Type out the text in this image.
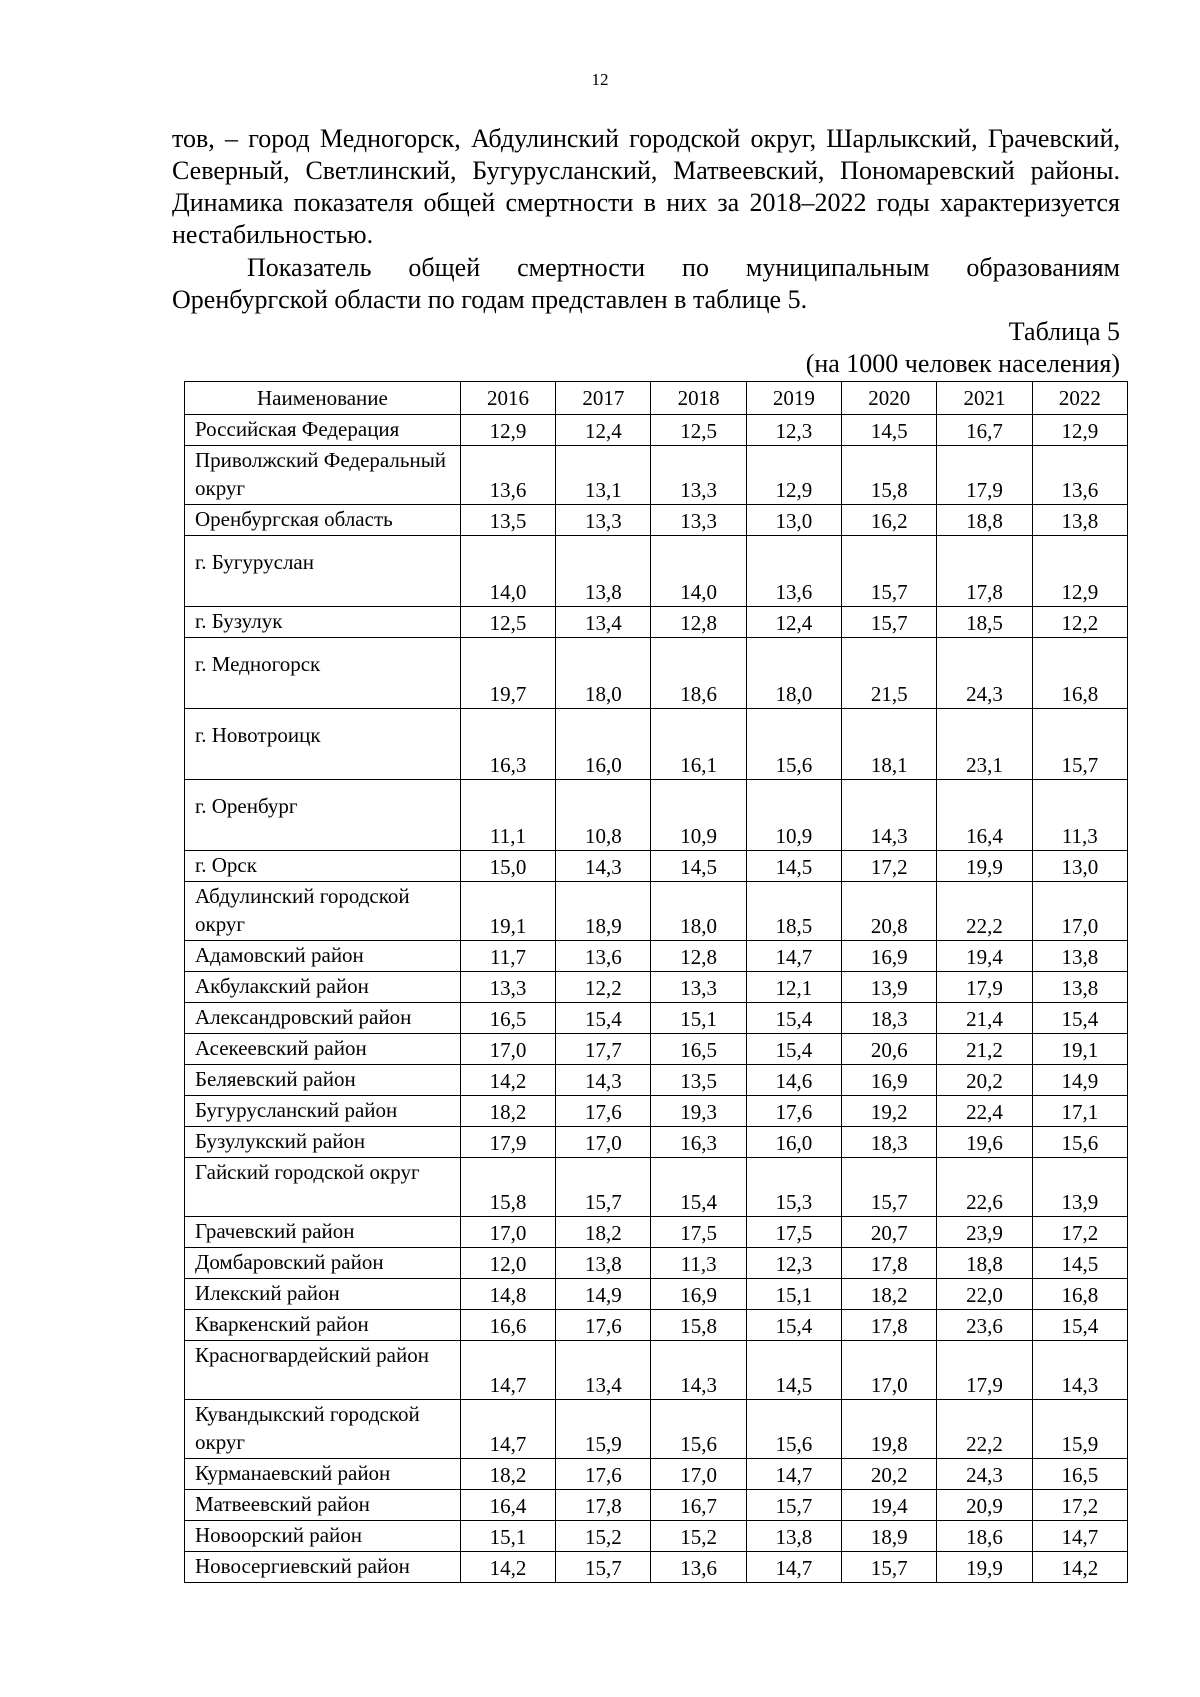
12

тов, – город Медногорск, Абдулинский городской округ, Шарлыкский, Грачевский, Северный, Светлинский, Бугурусланский, Матвеевский, Пономаревский районы. Динамика показателя общей смертности в них за 2018–2022 годы характеризуется нестабильностью.

Показатель общей смертности по муниципальным образованиям Оренбургской области по годам представлен в таблице 5.

Таблица 5
(на 1000 человек населения)
Наименование	2016	2017	2018	2019	2020	2021	2022
Российская Федерация	12,9	12,4	12,5	12,3	14,5	16,7	12,9
Приволжский Федеральный округ	13,6	13,1	13,3	12,9	15,8	17,9	13,6
Оренбургская область	13,5	13,3	13,3	13,0	16,2	18,8	13,8
г. Бугуруслан	14,0	13,8	14,0	13,6	15,7	17,8	12,9
г. Бузулук	12,5	13,4	12,8	12,4	15,7	18,5	12,2
г. Медногорск	19,7	18,0	18,6	18,0	21,5	24,3	16,8
г. Новотроицк	16,3	16,0	16,1	15,6	18,1	23,1	15,7
г. Оренбург	11,1	10,8	10,9	10,9	14,3	16,4	11,3
г. Орск	15,0	14,3	14,5	14,5	17,2	19,9	13,0
Абдулинский городской округ	19,1	18,9	18,0	18,5	20,8	22,2	17,0
Адамовский район	11,7	13,6	12,8	14,7	16,9	19,4	13,8
Акбулакский район	13,3	12,2	13,3	12,1	13,9	17,9	13,8
Александровский район	16,5	15,4	15,1	15,4	18,3	21,4	15,4
Асекеевский район	17,0	17,7	16,5	15,4	20,6	21,2	19,1
Беляевский район	14,2	14,3	13,5	14,6	16,9	20,2	14,9
Бугурусланский район	18,2	17,6	19,3	17,6	19,2	22,4	17,1
Бузулукский район	17,9	17,0	16,3	16,0	18,3	19,6	15,6
Гайский городской округ	15,8	15,7	15,4	15,3	15,7	22,6	13,9
Грачевский район	17,0	18,2	17,5	17,5	20,7	23,9	17,2
Домбаровский район	12,0	13,8	11,3	12,3	17,8	18,8	14,5
Илекский район	14,8	14,9	16,9	15,1	18,2	22,0	16,8
Кваркенский район	16,6	17,6	15,8	15,4	17,8	23,6	15,4
Красногвардейский район	14,7	13,4	14,3	14,5	17,0	17,9	14,3
Кувандыкский городской округ	14,7	15,9	15,6	15,6	19,8	22,2	15,9
Курманаевский район	18,2	17,6	17,0	14,7	20,2	24,3	16,5
Матвеевский район	16,4	17,8	16,7	15,7	19,4	20,9	17,2
Новоорский район	15,1	15,2	15,2	13,8	18,9	18,6	14,7
Новосергиевский район	14,2	15,7	13,6	14,7	15,7	19,9	14,2
